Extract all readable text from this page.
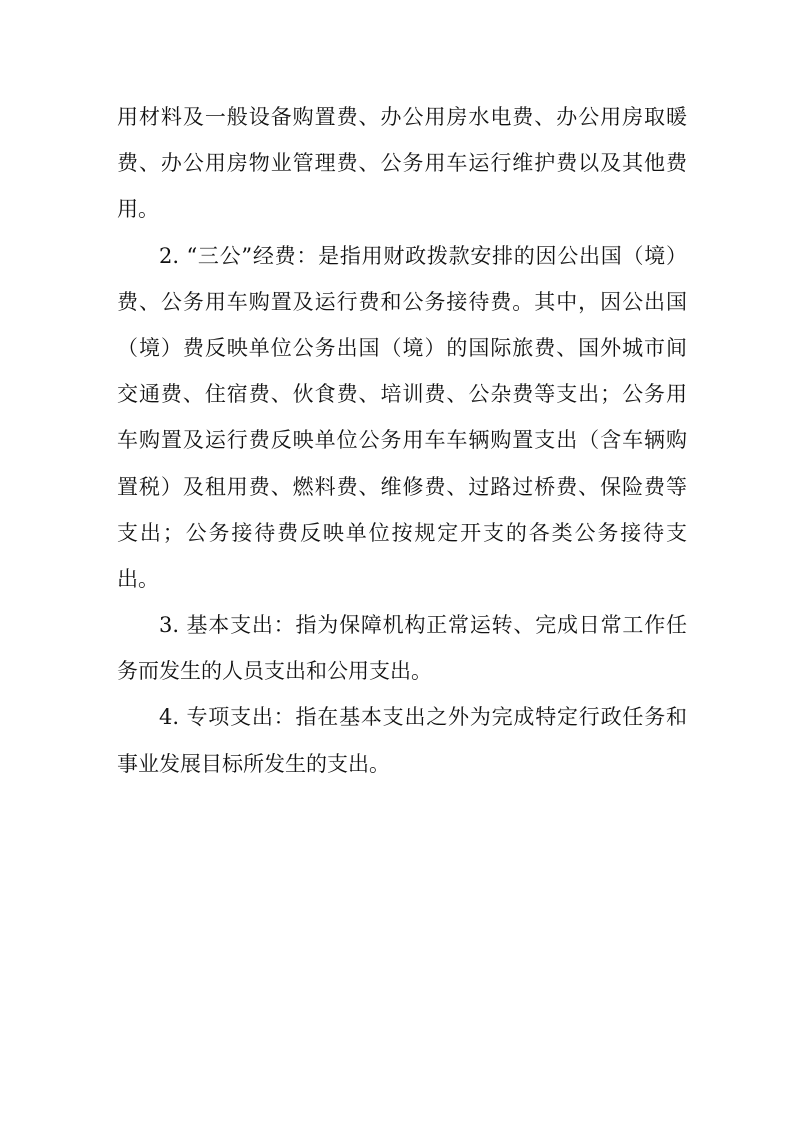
用材料及一般设备购置费、办公用房水电费、办公用房取暖
费、办公用房物业管理费、公务用车运行维护费以及其他费
用。
2. “三公”经费：是指用财政拨款安排的因公出国（境）
费、公务用车购置及运行费和公务接待费。其中，因公出国
（境）费反映单位公务出国（境）的国际旅费、国外城市间
交通费、住宿费、伙食费、培训费、公杂费等支出；公务用
车购置及运行费反映单位公务用车车辆购置支出（含车辆购
置税）及租用费、燃料费、维修费、过路过桥费、保险费等
支出；公务接待费反映单位按规定开支的各类公务接待支
出。
3. 基本支出：指为保障机构正常运转、完成日常工作任
务而发生的人员支出和公用支出。
4. 专项支出：指在基本支出之外为完成特定行政任务和
事业发展目标所发生的支出。
